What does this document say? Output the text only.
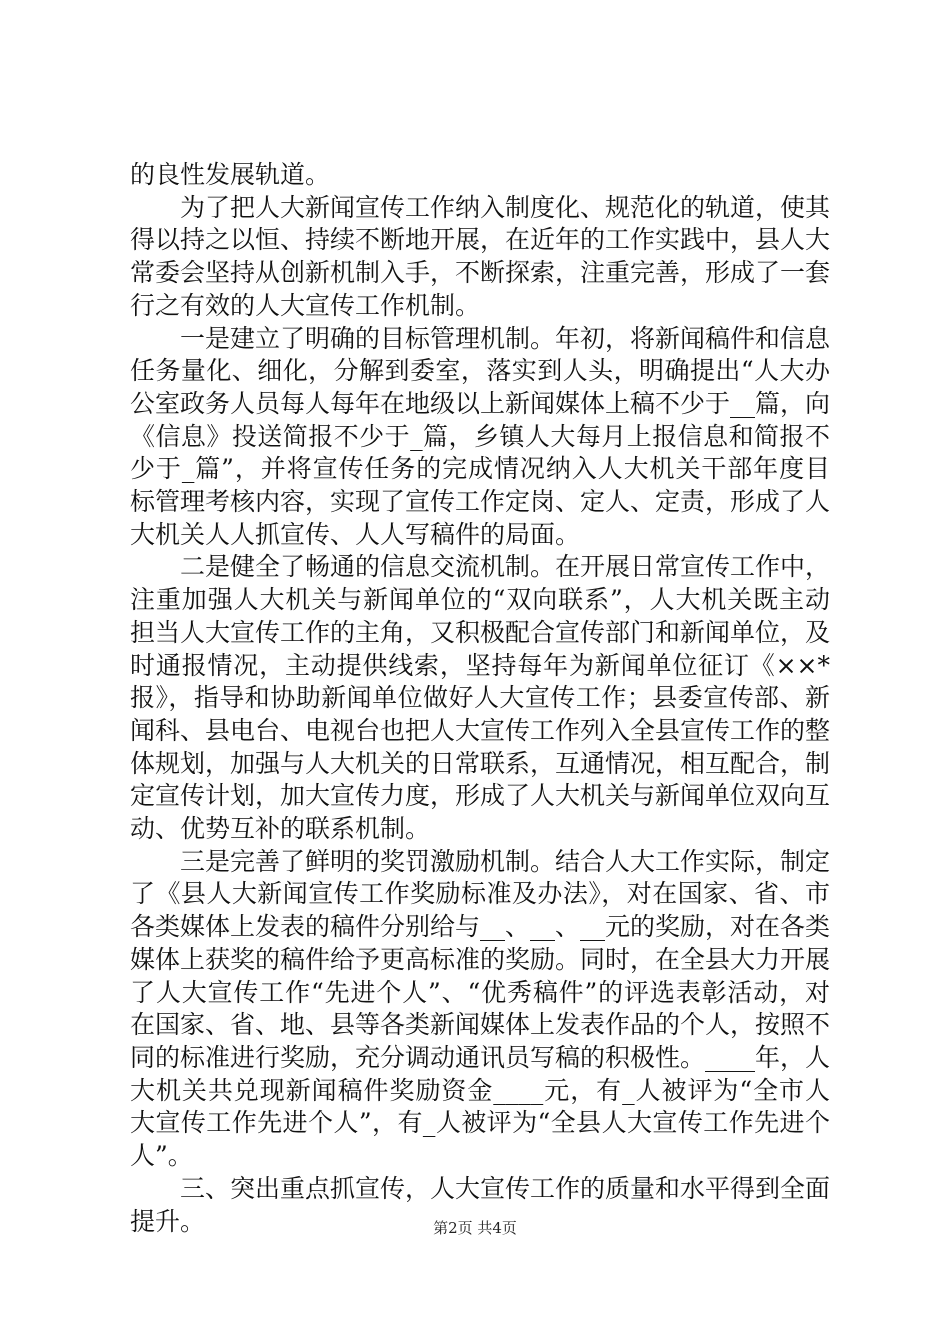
的良性发展轨道。

为了把人大新闻宣传工作纳入制度化、规范化的轨道，使其得以持之以恒、持续不断地开展，在近年的工作实践中，县人大常委会坚持从创新机制入手，不断探索，注重完善，形成了一套行之有效的人大宣传工作机制。

一是建立了明确的目标管理机制。年初，将新闻稿件和信息任务量化、细化，分解到委室，落实到人头，明确提出“人大办公室政务人员每人每年在地级以上新闻媒体上稿不少于__篇，向《信息》投送简报不少于_篇，乡镇人大每月上报信息和简报不少于_篇”，并将宣传任务的完成情况纳入人大机关干部年度目标管理考核内容，实现了宣传工作定岗、定人、定责，形成了人大机关人人抓宣传、人人写稿件的局面。

二是健全了畅通的信息交流机制。在开展日常宣传工作中，注重加强人大机关与新闻单位的“双向联系”，人大机关既主动担当人大宣传工作的主角，又积极配合宣传部门和新闻单位，及时通报情况，主动提供线索，坚持每年为新闻单位征订《××*报》，指导和协助新闻单位做好人大宣传工作；县委宣传部、新闻科、县电台、电视台也把人大宣传工作列入全县宣传工作的整体规划，加强与人大机关的日常联系，互通情况，相互配合，制定宣传计划，加大宣传力度，形成了人大机关与新闻单位双向互动、优势互补的联系机制。

三是完善了鲜明的奖罚激励机制。结合人大工作实际，制定了《县人大新闻宣传工作奖励标准及办法》，对在国家、省、市各类媒体上发表的稿件分别给与__、__、__元的奖励，对在各类媒体上获奖的稿件给予更高标准的奖励。同时，在全县大力开展了人大宣传工作“先进个人”、“优秀稿件”的评选表彰活动，对在国家、省、地、县等各类新闻媒体上发表作品的个人，按照不同的标准进行奖励，充分调动通讯员写稿的积极性。____年，人大机关共兑现新闻稿件奖励资金____元，有_人被评为“全市人大宣传工作先进个人”，有_人被评为“全县人大宣传工作先进个人”。

三、突出重点抓宣传，人大宣传工作的质量和水平得到全面提升。	第2页 共4页
